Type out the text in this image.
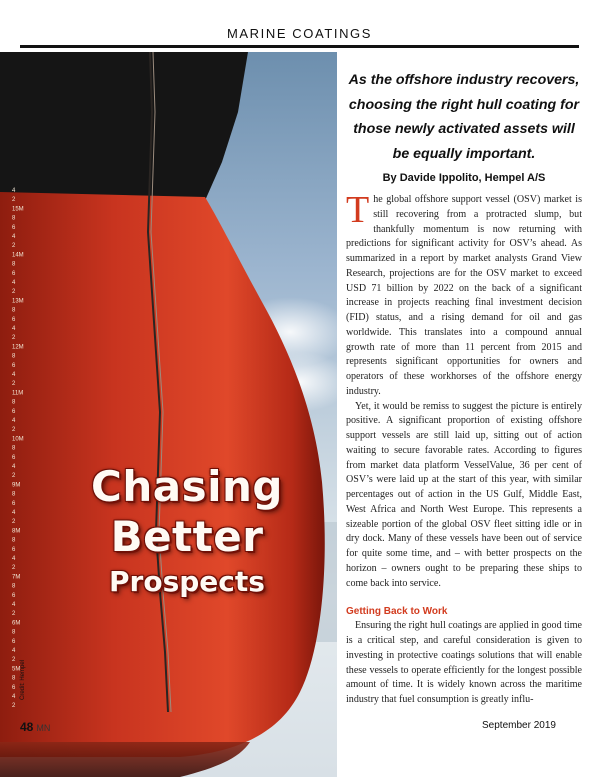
MARINE COATINGS
4
2
15M
8
6
4
2
14M
8
6
4
2
13M
8
6
4
2
12M
8
6
4
2
11M
8
6
4
2
10M
8
6
4
2
9M
8
6
4
2
8M
8
6
4
2
7M
8
6
4
2
6M
8
6
4
2
5M
8
6
4
2
Chasing
Better
Prospects
Credit: Hempel
As the offshore industry recovers, choosing the right hull coating for those newly activated assets will be equally important.
By Davide Ippolito, Hempel A/S

The global offshore support vessel (OSV) market is still recovering from a protracted slump, but thankfully momentum is now returning with predictions for significant activity for OSV’s ahead. As summarized in a report by market analysts Grand View Research, projections are for the OSV market to exceed USD 71 billion by 2022 on the back of a significant increase in projects reaching final investment decision (FID) status, and a rising demand for oil and gas worldwide. This translates into a compound annual growth rate of more than 11 percent from 2015 and represents significant opportunities for owners and operators of these workhorses of the offshore energy industry.

Yet, it would be remiss to suggest the picture is entirely positive. A significant proportion of existing offshore support vessels are still laid up, sitting out of action waiting to secure favorable rates. According to figures from market data platform VesselValue, 36 per cent of OSV’s were laid up at the start of this year, with similar percentages out of action in the US Gulf, Middle East, West Africa and North West Europe. This represents a sizeable portion of the global OSV fleet sitting idle or in dry dock. Many of these vessels have been out of service for quite some time, and – with better prospects on the horizon – owners ought to be preparing these ships to come back into service.

Getting Back to Work

Ensuring the right hull coatings are applied in good time is a critical step, and careful consideration is given to investing in protective coatings solutions that will enable these vessels to operate efficiently for the longest possible amount of time. It is widely known across the maritime industry that fuel consumption is greatly influ-

48 MN	September 2019
